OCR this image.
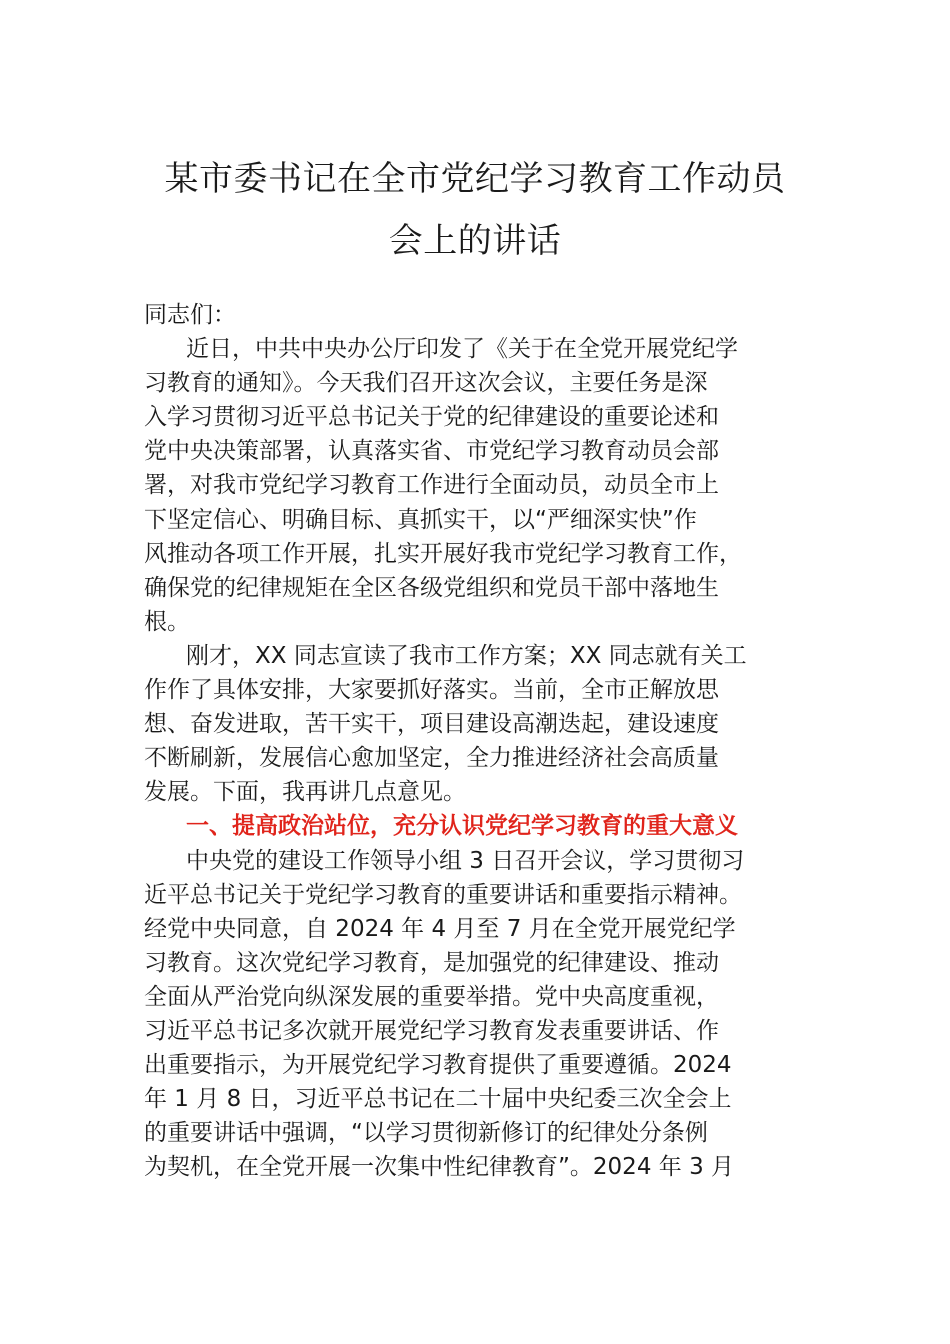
某市委书记在全市党纪学习教育工作动员
会上的讲话
同志们：
近日，中共中央办公厅印发了《关于在全党开展党纪学
习教育的通知》。今天我们召开这次会议，主要任务是深
入学习贯彻习近平总书记关于党的纪律建设的重要论述和
党中央决策部署，认真落实省、市党纪学习教育动员会部
署，对我市党纪学习教育工作进行全面动员，动员全市上
下坚定信心、明确目标、真抓实干，以“严细深实快”作
风推动各项工作开展，扎实开展好我市党纪学习教育工作，
确保党的纪律规矩在全区各级党组织和党员干部中落地生
根。
刚才，XX 同志宣读了我市工作方案；XX 同志就有关工
作作了具体安排，大家要抓好落实。当前，全市正解放思
想、奋发进取，苦干实干，项目建设高潮迭起，建设速度
不断刷新，发展信心愈加坚定，全力推进经济社会高质量
发展。下面，我再讲几点意见。
一、提高政治站位，充分认识党纪学习教育的重大意义
中央党的建设工作领导小组 3 日召开会议，学习贯彻习
近平总书记关于党纪学习教育的重要讲话和重要指示精神。
经党中央同意，自 2024 年 4 月至 7 月在全党开展党纪学
习教育。这次党纪学习教育，是加强党的纪律建设、推动
全面从严治党向纵深发展的重要举措。党中央高度重视，
习近平总书记多次就开展党纪学习教育发表重要讲话、作
出重要指示，为开展党纪学习教育提供了重要遵循。2024
年 1 月 8 日，习近平总书记在二十届中央纪委三次全会上
的重要讲话中强调，“以学习贯彻新修订的纪律处分条例
为契机，在全党开展一次集中性纪律教育”。2024 年 3 月
